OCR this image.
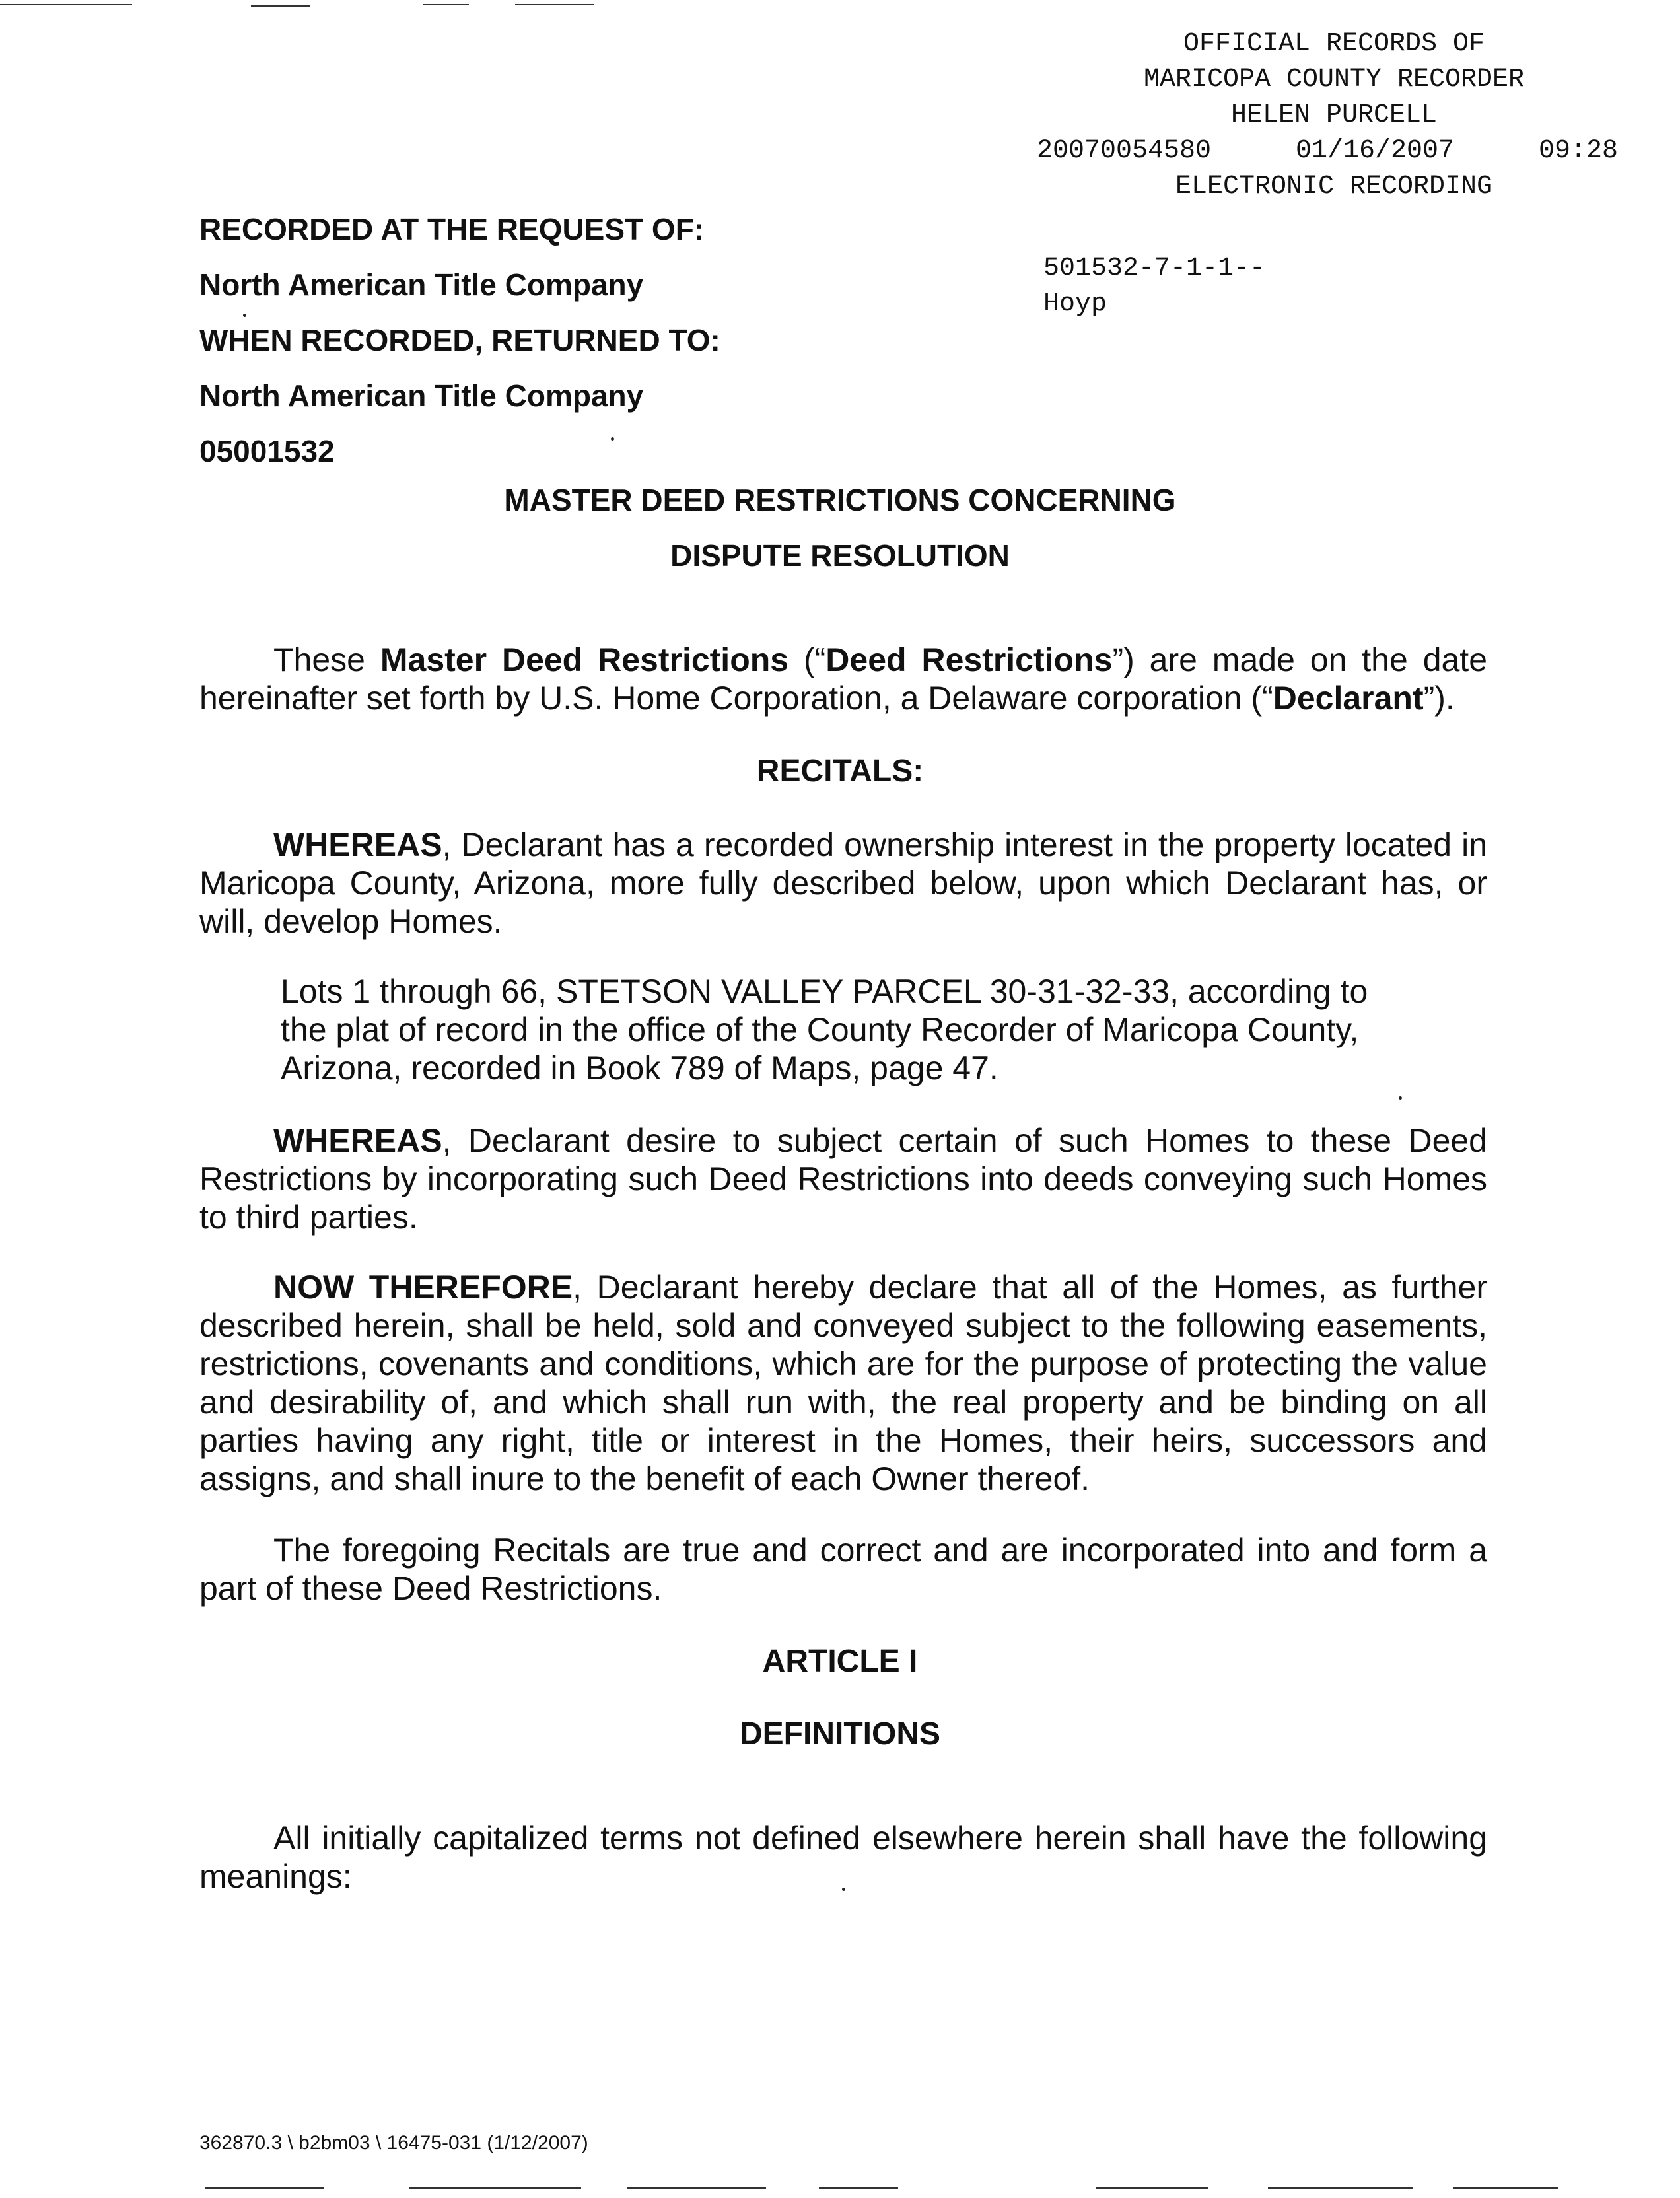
OFFICIAL RECORDS OF
MARICOPA COUNTY RECORDER
HELEN PURCELL
20070054580	01/16/2007	09:28
ELECTRONIC RECORDING
501532-7-1-1--
Hoyp
RECORDED AT THE REQUEST OF:
North American Title Company
WHEN RECORDED, RETURNED TO:
North American Title Company
05001532
MASTER DEED RESTRICTIONS CONCERNING
DISPUTE RESOLUTION
These Master Deed Restrictions (“Deed Restrictions”) are made on the date hereinafter set forth by U.S. Home Corporation, a Delaware corporation (“Declarant”).
RECITALS:
WHEREAS, Declarant has a recorded ownership interest in the property located in Maricopa County, Arizona, more fully described below, upon which Declarant has, or will, develop Homes.
Lots 1 through 66, STETSON VALLEY PARCEL 30-31-32-33, according to
the plat of record in the office of the County Recorder of Maricopa County,
Arizona, recorded in Book 789 of Maps, page 47.
WHEREAS, Declarant desire to subject certain of such Homes to these Deed Restrictions by incorporating such Deed Restrictions into deeds conveying such Homes to third parties.
NOW THEREFORE, Declarant hereby declare that all of the Homes, as further described herein, shall be held, sold and conveyed subject to the following easements, restrictions, covenants and conditions, which are for the purpose of protecting the value and desirability of, and which shall run with, the real property and be binding on all parties having any right, title or interest in the Homes, their heirs, successors and assigns, and shall inure to the benefit of each Owner thereof.
The foregoing Recitals are true and correct and are incorporated into and form a part of these Deed Restrictions.
ARTICLE I
DEFINITIONS
All initially capitalized terms not defined elsewhere herein shall have the following meanings:
362870.3 \ b2bm03 \ 16475-031 (1/12/2007)
